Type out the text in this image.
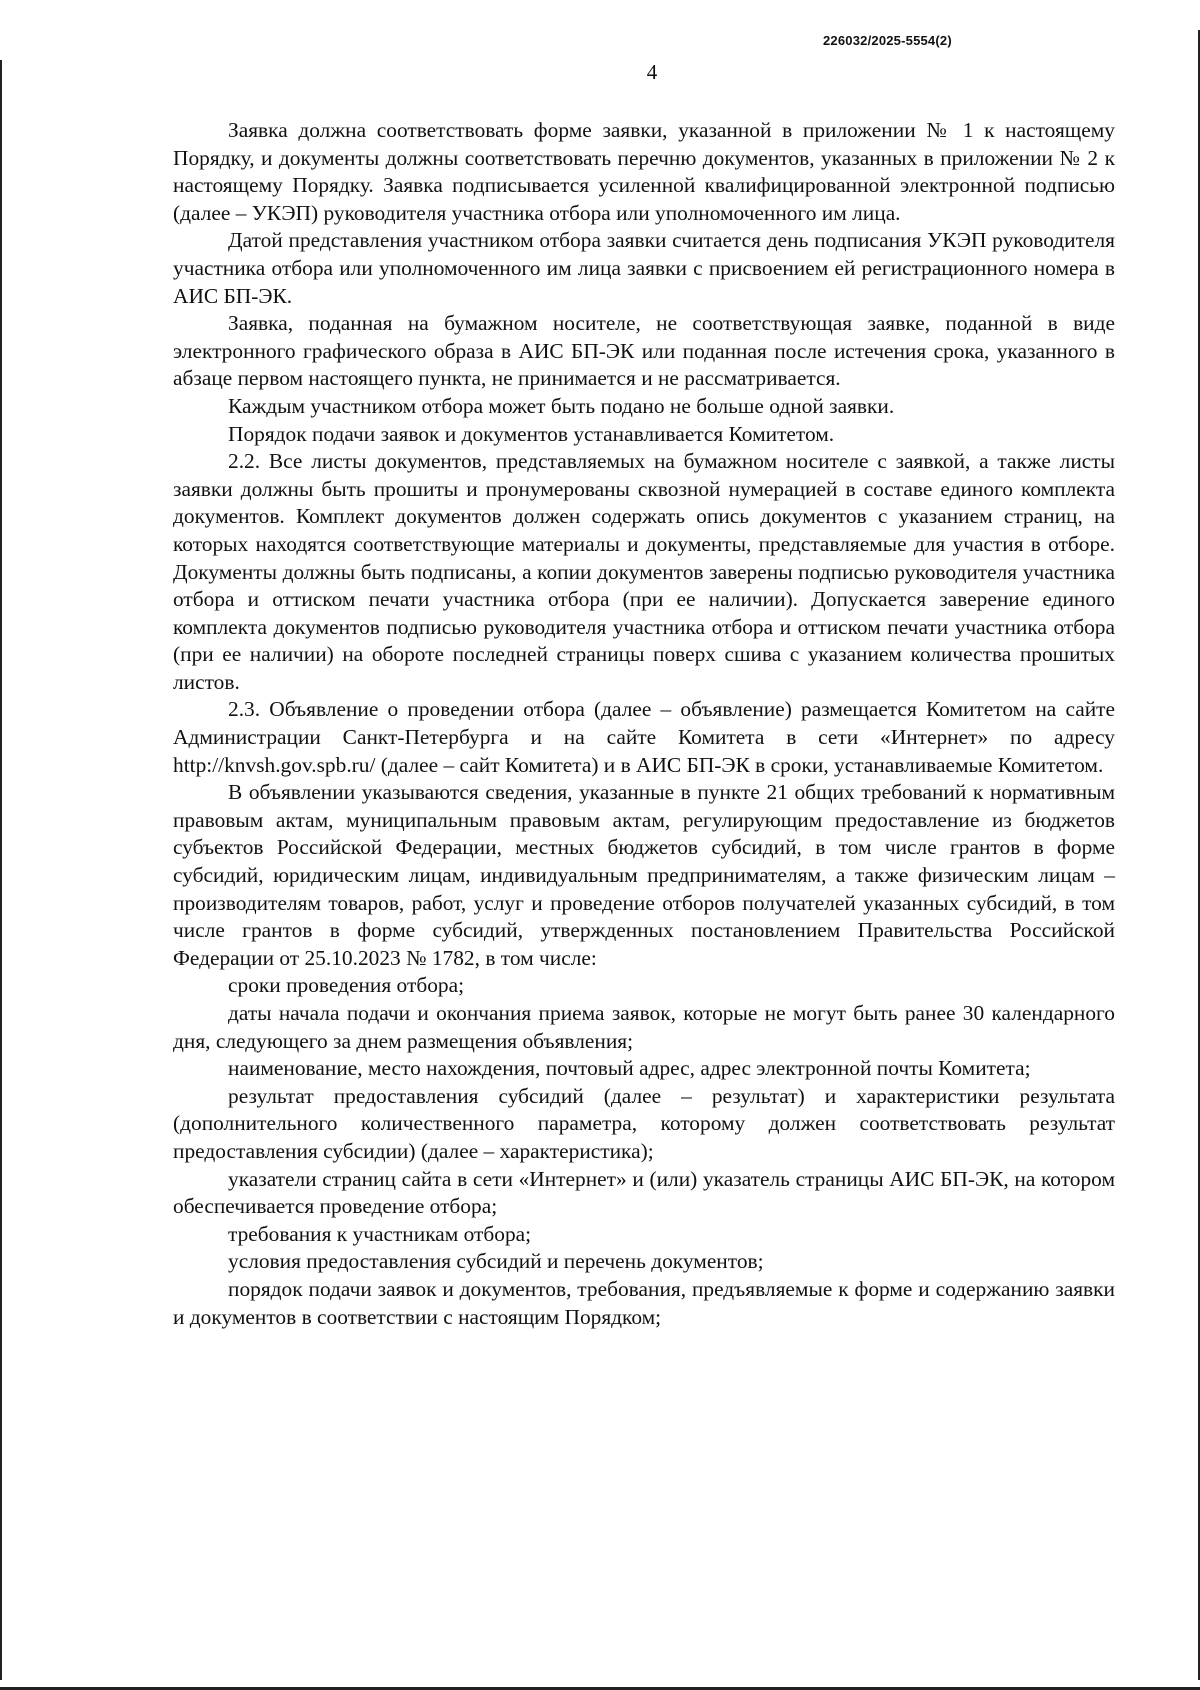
226032/2025-5554(2)
4

Заявка должна соответствовать форме заявки, указанной в приложении № 1 к настоящему Порядку, и документы должны соответствовать перечню документов, указанных в приложении № 2 к настоящему Порядку. Заявка подписывается усиленной квалифицированной электронной подписью (далее – УКЭП) руководителя участника отбора или уполномоченного им лица.

Датой представления участником отбора заявки считается день подписания УКЭП руководителя участника отбора или уполномоченного им лица заявки с присвоением ей регистрационного номера в АИС БП-ЭК.

Заявка, поданная на бумажном носителе, не соответствующая заявке, поданной в виде электронного графического образа в АИС БП-ЭК или поданная после истечения срока, указанного в абзаце первом настоящего пункта, не принимается и не рассматривается.

Каждым участником отбора может быть подано не больше одной заявки.

Порядок подачи заявок и документов устанавливается Комитетом.

2.2. Все листы документов, представляемых на бумажном носителе с заявкой, а также листы заявки должны быть прошиты и пронумерованы сквозной нумерацией в составе единого комплекта документов. Комплект документов должен содержать опись документов с указанием страниц, на которых находятся соответствующие материалы и документы, представляемые для участия в отборе. Документы должны быть подписаны, а копии документов заверены подписью руководителя участника отбора и оттиском печати участника отбора (при ее наличии). Допускается заверение единого комплекта документов подписью руководителя участника отбора и оттиском печати участника отбора (при ее наличии) на обороте последней страницы поверх сшива с указанием количества прошитых листов.

2.3. Объявление о проведении отбора (далее – объявление) размещается Комитетом на сайте Администрации Санкт-Петербурга и на сайте Комитета в сети «Интернет» по адресу http://knvsh.gov.spb.ru/ (далее – сайт Комитета) и в АИС БП-ЭК в сроки, устанавливаемые Комитетом.

В объявлении указываются сведения, указанные в пункте 21 общих требований к нормативным правовым актам, муниципальным правовым актам, регулирующим предоставление из бюджетов субъектов Российской Федерации, местных бюджетов субсидий, в том числе грантов в форме субсидий, юридическим лицам, индивидуальным предпринимателям, а также физическим лицам – производителям товаров, работ, услуг и проведение отборов получателей указанных субсидий, в том числе грантов в форме субсидий, утвержденных постановлением Правительства Российской Федерации от 25.10.2023 № 1782, в том числе:

сроки проведения отбора;

даты начала подачи и окончания приема заявок, которые не могут быть ранее 30 календарного дня, следующего за днем размещения объявления;

наименование, место нахождения, почтовый адрес, адрес электронной почты Комитета;

результат предоставления субсидий (далее – результат) и характеристики результата (дополнительного количественного параметра, которому должен соответствовать результат предоставления субсидии) (далее – характеристика);

указатели страниц сайта в сети «Интернет» и (или) указатель страницы АИС БП-ЭК, на котором обеспечивается проведение отбора;

требования к участникам отбора;

условия предоставления субсидий и перечень документов;

порядок подачи заявок и документов, требования, предъявляемые к форме и содержанию заявки и документов в соответствии с настоящим Порядком;
